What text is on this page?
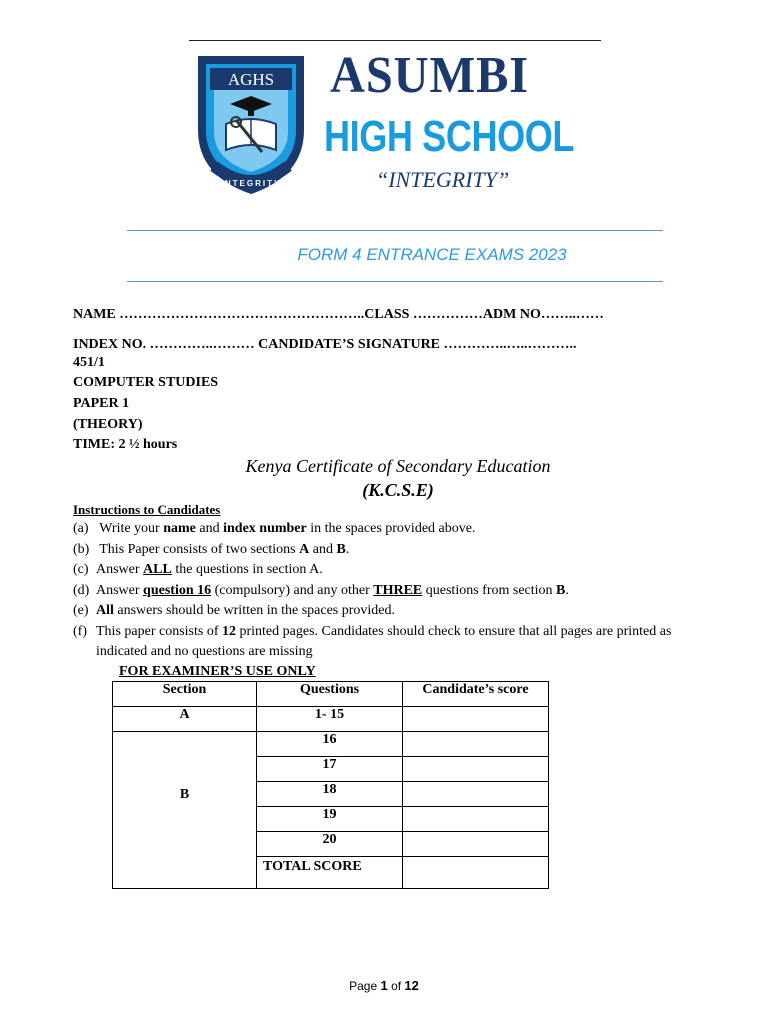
AGHS
INTEGRITY
ASUMBI
HIGH SCHOOL
“INTEGRITY”
FORM 4 ENTRANCE EXAMS 2023
NAME ……………………………………………..CLASS ……………ADM NO……..……
INDEX NO. …………..……… CANDIDATE’S SIGNATURE …………..…..………..
451/1
COMPUTER STUDIES
PAPER 1
(THEORY)
TIME: 2 ½ hours
Kenya Certificate of Secondary Education
(K.C.S.E)
Instructions to Candidates
(a) Write your name and index number in the spaces provided above.
(b) This Paper consists of two sections A and B.
(c) Answer ALL the questions in section A.
(d) Answer question 16 (compulsory) and any other THREE questions from section B.
(e) All answers should be written in the spaces provided.
(f) This paper consists of 12 printed pages. Candidates should check to ensure that all pages are printed as
indicated and no questions are missing
FOR EXAMINER’S USE ONLY
Section	Questions	Candidate’s score
A	1- 15	
B	16	
	17	
	18	
	19	
	20	
	TOTAL SCORE	
Page 1 of 12
